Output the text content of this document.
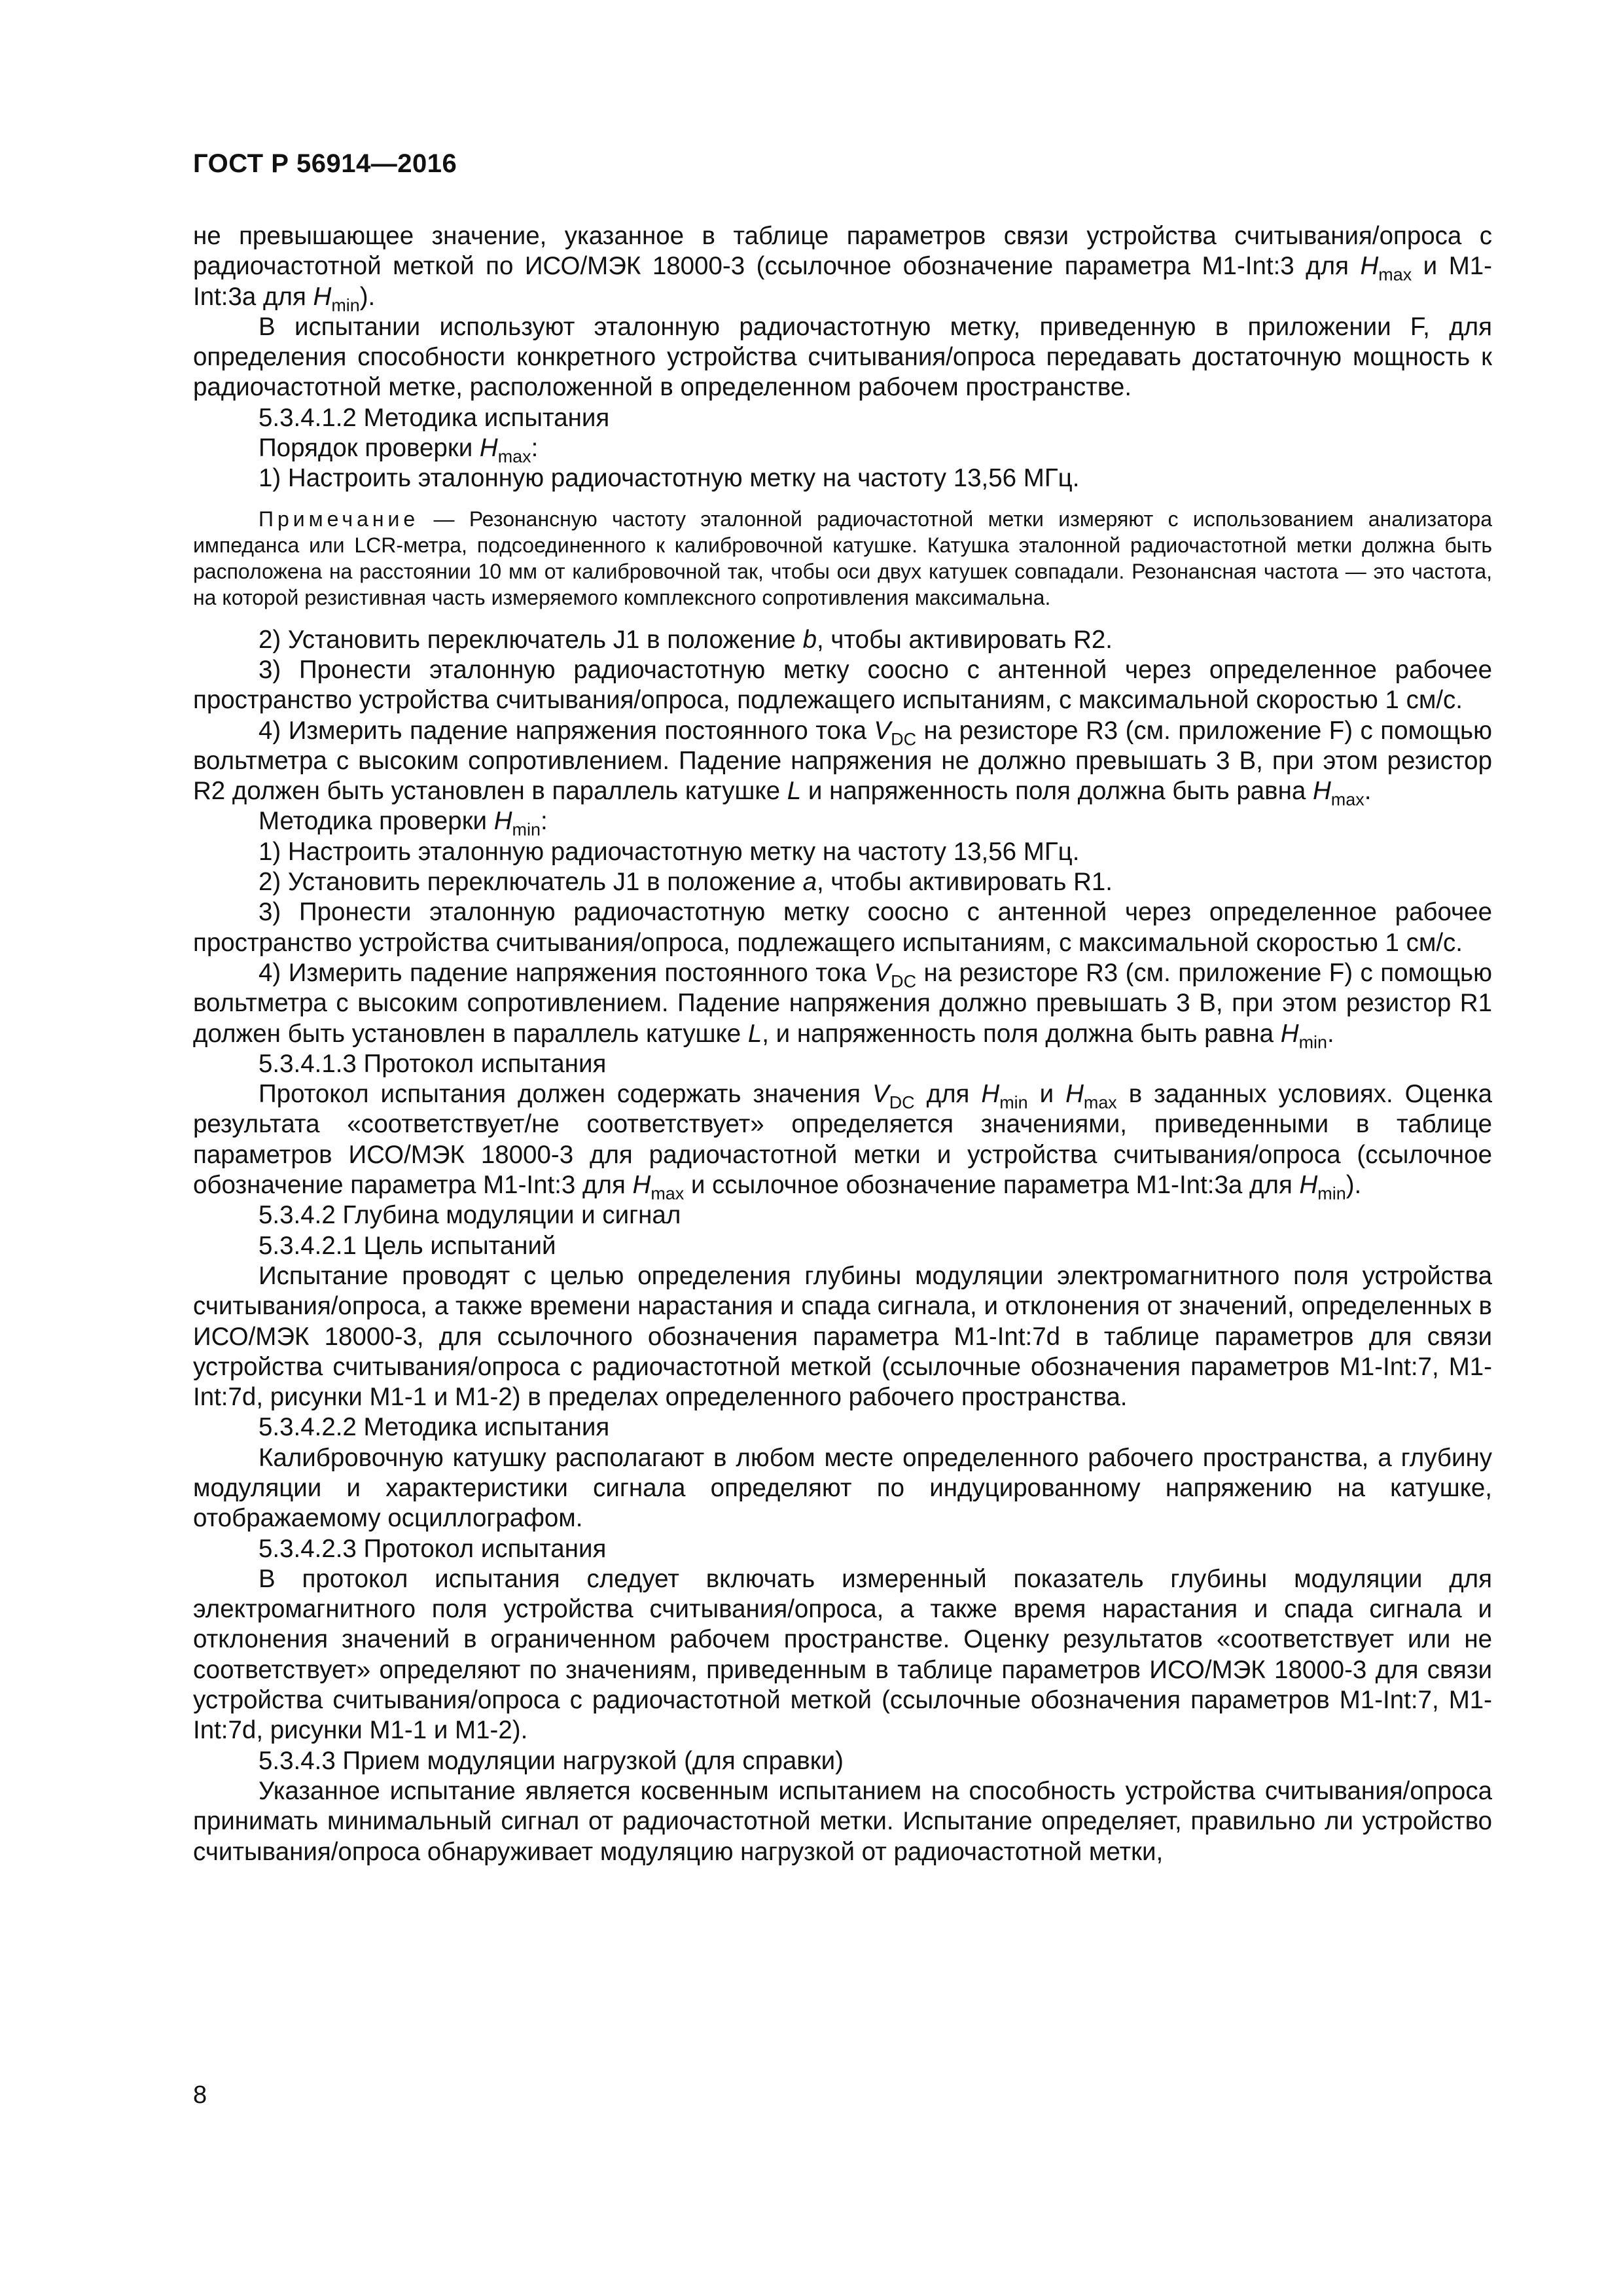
ГОСТ Р 56914—2016

не превышающее значение, указанное в таблице параметров связи устройства считывания/опроса с радиочастотной меткой по ИСО/МЭК 18000-3 (ссылочное обозначение параметра М1-Int:3 для $H_{max}$ и М1-Int:3а для $H_{min}$).

В испытании используют эталонную радиочастотную метку, приведенную в приложении F, для определения способности конкретного устройства считывания/опроса передавать достаточную мощность к радиочастотной метке, расположенной в определенном рабочем пространстве.

5.3.4.1.2 Методика испытания

Порядок проверки $H_{max}$:

1) Настроить эталонную радиочастотную метку на частоту 13,56 МГц.

Примечание — Резонансную частоту эталонной радиочастотной метки измеряют с использованием анализатора импеданса или LCR-метра, подсоединенного к калибровочной катушке. Катушка эталонной радиочастотной метки должна быть расположена на расстоянии 10 мм от калибровочной так, чтобы оси двух катушек совпадали. Резонансная частота — это частота, на которой резистивная часть измеряемого комплексного сопротивления максимальна.

2) Установить переключатель J1 в положение b, чтобы активировать R2.

3) Пронести эталонную радиочастотную метку соосно с антенной через определенное рабочее пространство устройства считывания/опроса, подлежащего испытаниям, с максимальной скоростью 1 см/с.

4) Измерить падение напряжения постоянного тока $V_{DC}$ на резисторе R3 (см. приложение F) с помощью вольтметра с высоким сопротивлением. Падение напряжения не должно превышать 3 В, при этом резистор R2 должен быть установлен в параллель катушке L и напряженность поля должна быть равна $H_{max}$.

Методика проверки $H_{min}$:

1) Настроить эталонную радиочастотную метку на частоту 13,56 МГц.

2) Установить переключатель J1 в положение а, чтобы активировать R1.

3) Пронести эталонную радиочастотную метку соосно с антенной через определенное рабочее пространство устройства считывания/опроса, подлежащего испытаниям, с максимальной скоростью 1 см/с.

4) Измерить падение напряжения постоянного тока $V_{DC}$ на резисторе R3 (см. приложение F) с помощью вольтметра с высоким сопротивлением. Падение напряжения должно превышать 3 В, при этом резистор R1 должен быть установлен в параллель катушке L, и напряженность поля должна быть равна $H_{min}$.

5.3.4.1.3 Протокол испытания

Протокол испытания должен содержать значения $V_{DC}$ для $H_{min}$ и $H_{max}$ в заданных условиях. Оценка результата «соответствует/не соответствует» определяется значениями, приведенными в таблице параметров ИСО/МЭК 18000-3 для радиочастотной метки и устройства считывания/опроса (ссылочное обозначение параметра М1-Int:3 для $H_{max}$ и ссылочное обозначение параметра М1-Int:3а для $H_{min}$).

5.3.4.2 Глубина модуляции и сигнал

5.3.4.2.1 Цель испытаний

Испытание проводят с целью определения глубины модуляции электромагнитного поля устройства считывания/опроса, а также времени нарастания и спада сигнала, и отклонения от значений, определенных в ИСО/МЭК 18000-3, для ссылочного обозначения параметра М1-Int:7d в таблице параметров для связи устройства считывания/опроса с радиочастотной меткой (ссылочные обозначения параметров М1-Int:7, М1-Int:7d, рисунки М1-1 и М1-2) в пределах определенного рабочего пространства.

5.3.4.2.2 Методика испытания

Калибровочную катушку располагают в любом месте определенного рабочего пространства, а глубину модуляции и характеристики сигнала определяют по индуцированному напряжению на катушке, отображаемому осциллографом.

5.3.4.2.3 Протокол испытания

В протокол испытания следует включать измеренный показатель глубины модуляции для электромагнитного поля устройства считывания/опроса, а также время нарастания и спада сигнала и отклонения значений в ограниченном рабочем пространстве. Оценку результатов «соответствует или не соответствует» определяют по значениям, приведенным в таблице параметров ИСО/МЭК 18000-3 для связи устройства считывания/опроса с радиочастотной меткой (ссылочные обозначения параметров М1-Int:7, М1-Int:7d, рисунки М1-1 и М1-2).

5.3.4.3 Прием модуляции нагрузкой (для справки)

Указанное испытание является косвенным испытанием на способность устройства считывания/опроса принимать минимальный сигнал от радиочастотной метки. Испытание определяет, правильно ли устройство считывания/опроса обнаруживает модуляцию нагрузкой от радиочастотной метки,

8
